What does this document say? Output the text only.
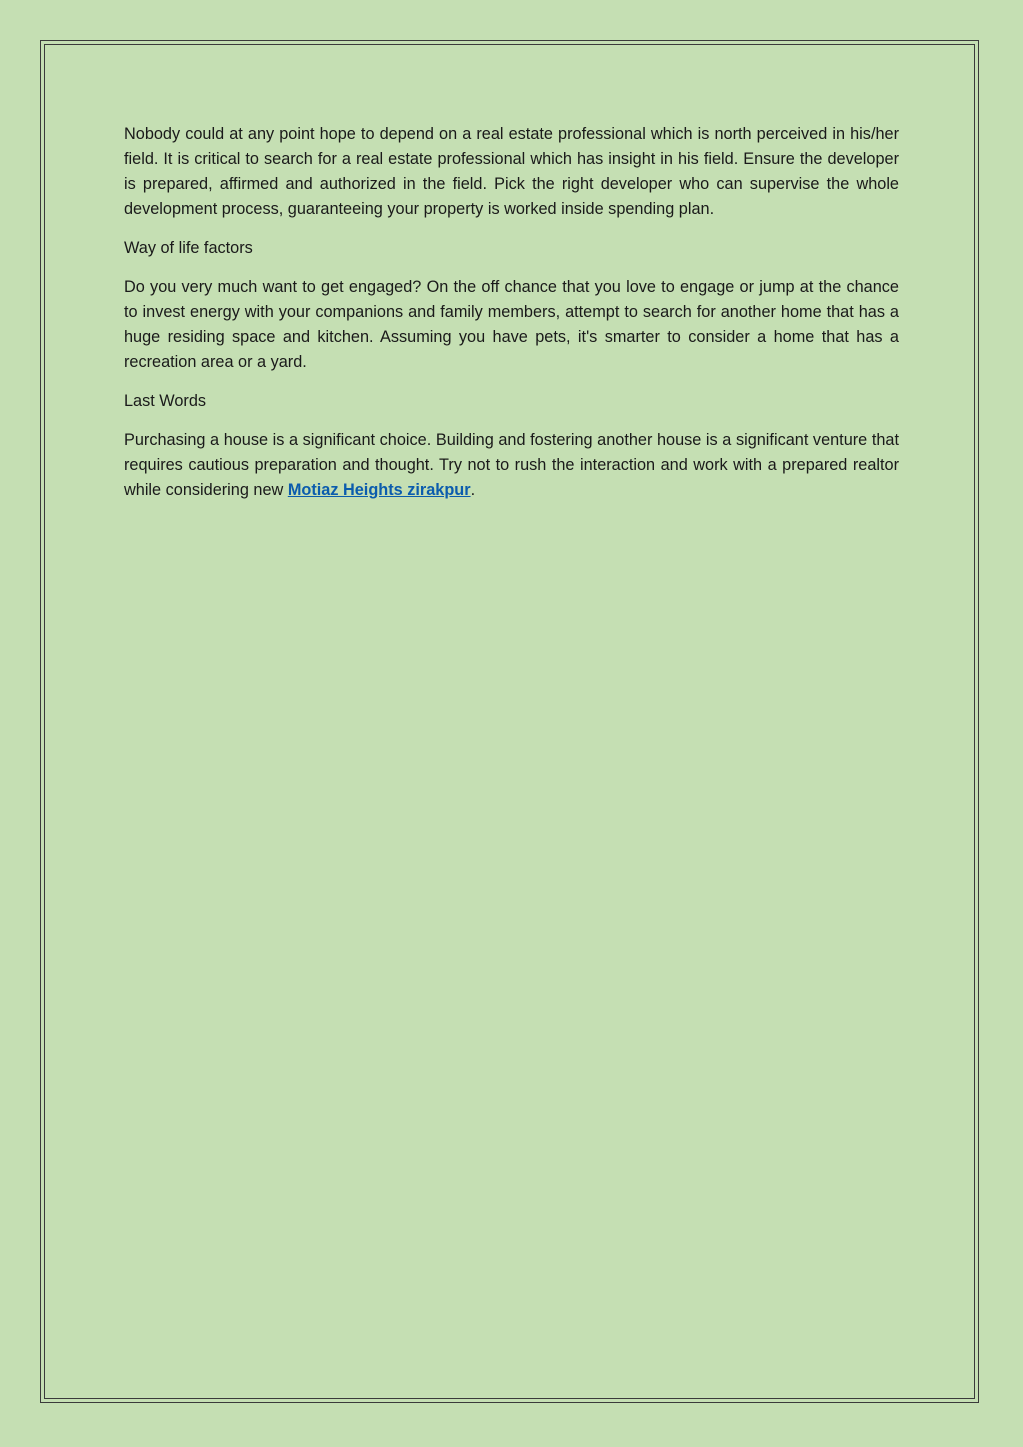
Nobody could at any point hope to depend on a real estate professional which is north perceived in his/her field. It is critical to search for a real estate professional which has insight in his field. Ensure the developer is prepared, affirmed and authorized in the field. Pick the right developer who can supervise the whole development process, guaranteeing your property is worked inside spending plan.

Way of life factors

Do you very much want to get engaged? On the off chance that you love to engage or jump at the chance to invest energy with your companions and family members, attempt to search for another home that has a huge residing space and kitchen. Assuming you have pets, it's smarter to consider a home that has a recreation area or a yard.

Last Words

Purchasing a house is a significant choice. Building and fostering another house is a significant venture that requires cautious preparation and thought. Try not to rush the interaction and work with a prepared realtor while considering new Motiaz Heights zirakpur.
